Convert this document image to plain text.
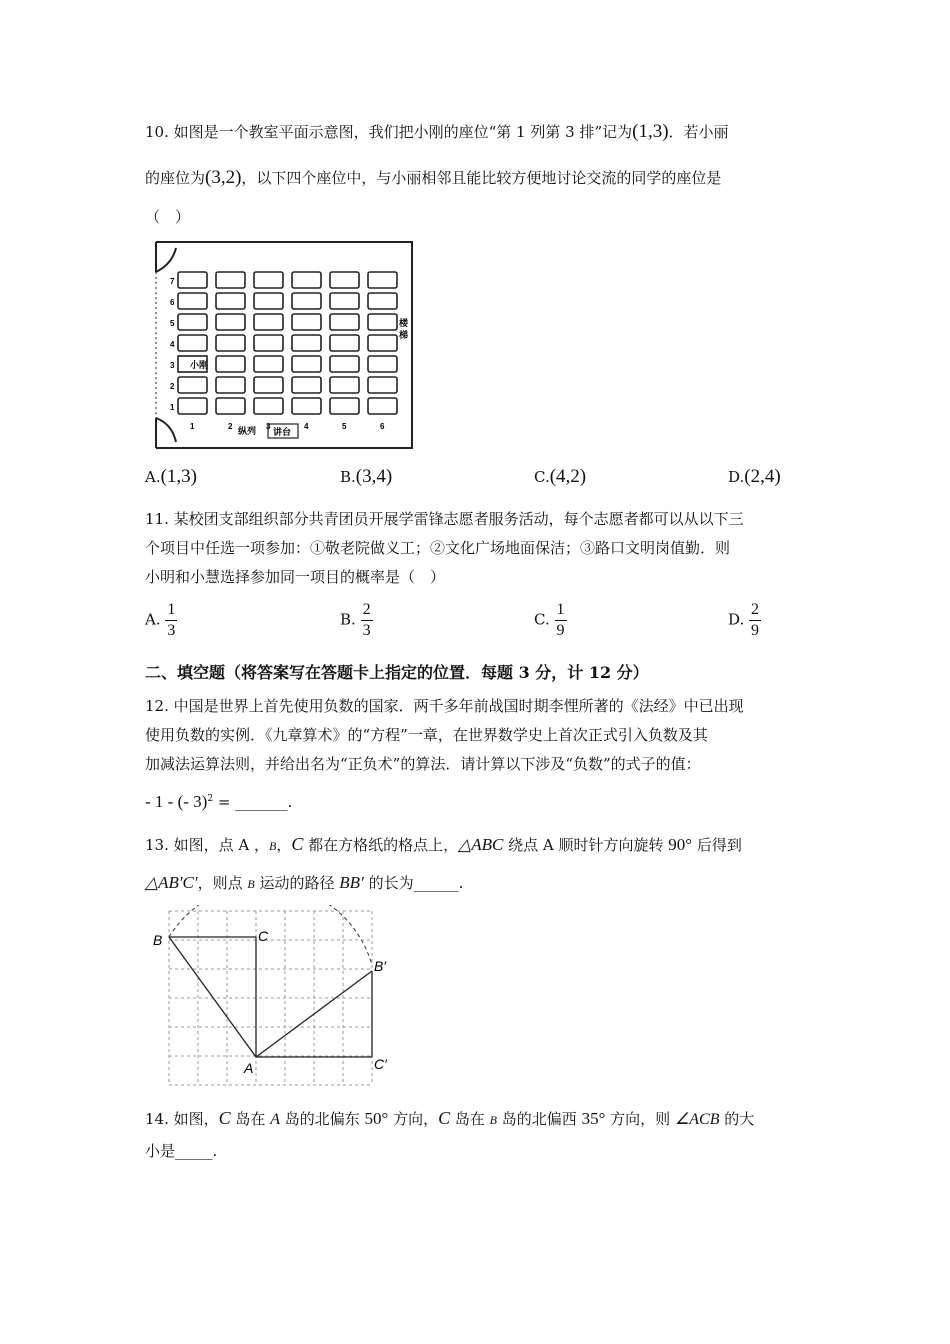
10. 如图是一个教室平面示意图，我们把小刚的座位“第 1 列第 3 排”记为(1,3)．若小丽
的座位为(3,2)，以下四个座位中，与小丽相邻且能比较方便地讨论交流的同学的座位是
（　）
7
6
5
4
3
2
1
1	2	3	4	5	6
小刚
楼
梯
纵列 讲台
A.(1,3)	B.(3,4)	C.(4,2)	D.(2,4)
11. 某校团支部组织部分共青团员开展学雷锋志愿者服务活动，每个志愿者都可以从以下三
个项目中任选一项参加：①敬老院做义工；②文化广场地面保洁；③路口文明岗值勤．则
小明和小慧选择参加同一项目的概率是（　）
A. $\frac{1}{3}$	B. $\frac{2}{3}$	C. $\frac{1}{9}$	D. $\frac{2}{9}$
二、填空题（将答案写在答题卡上指定的位置．每题 3 分，计 12 分）
12. 中国是世界上首先使用负数的国家．两千多年前战国时期李悝所著的《法经》中已出现
使用负数的实例．《九章算术》的“方程”一章，在世界数学史上首次正式引入负数及其
加减法运算法则，并给出名为“正负术”的算法．请计算以下涉及“负数”的式子的值：
- 1 - (- 3)$^2$ = _______.
13. 如图，点 A ，B，C 都在方格纸的格点上，△ABC 绕点 A 顺时针方向旋转 90° 后得到
△AB′C′，则点 B 运动的路径 BB′ 的长为______.
B	C
B′
C′
A
14. 如图，C 岛在 A 岛的北偏东 50° 方向，C 岛在 B 岛的北偏西 35° 方向，则 ∠ACB 的大
小是_____.
